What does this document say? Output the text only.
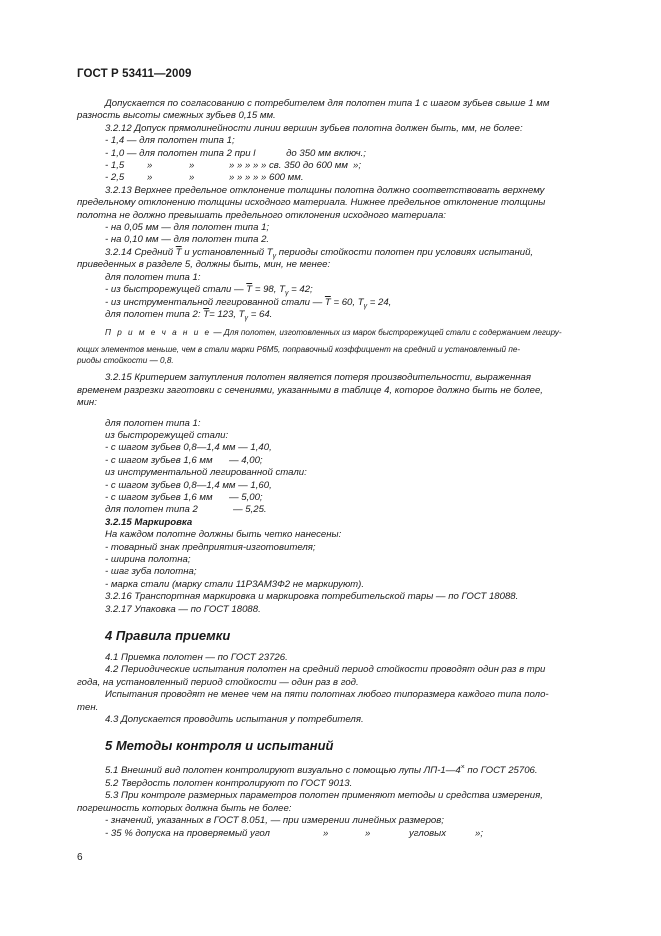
ГОСТ Р 53411—2009

Допускается по согласованию с потребителем для полотен типа 1 с шагом зубьев свыше 1 мм

разность высоты смежных зубьев 0,15 мм.

3.2.12 Допуск прямолинейности линии вершин зубьев полотна должен быть, мм, не более:

- 1,4 — для полотен типа 1;

- 1,0 — для полотен типа 2 при l	до 350 мм включ.;

- 1,5 »	»	» » » » » св. 350 до 600 мм »;

- 2,5 »	»	» » » » » 600 мм.

3.2.13 Верхнее предельное отклонение толщины полотна должно соответствовать верхнему

предельному отклонению толщины исходного материала. Нижнее предельное отклонение толщины

полотна не должно превышать предельного отклонения исходного материала:

- на 0,05 мм — для полотен типа 1;

- на 0,10 мм — для полотен типа 2.

3.2.14 Средний $\overline{T}$ и установленный $T_\gamma$ периоды стойкости полотен при условиях испытаний,

приведенных в разделе 5, должны быть, мин, не менее:

для полотен типа 1:

- из быстрорежущей стали — $\overline{T} = 98$, $T_\gamma = 42$;

- из инструментальной легированной стали — $\overline{T} = 60$, $T_\gamma = 24$,

для полотен типа 2: $\overline{T}= 123$, $T_\gamma = 64$.

П р и м е ч а н и е — Для полотен, изготовленных из марок быстрорежущей стали с содержанием легиру-

ющих элементов меньше, чем в стали марки Р6М5, поправочный коэффициент на средний и установленный пе-

риоды стойкости — 0,8.

3.2.15 Критерием затупления полотен является потеря производительности, выраженная

временем разрезки заготовки с сечениями, указанными в таблице 4, которое должно быть не более,

мин:

для полотен типа 1:

из быстрорежущей стали:

- с шагом зубьев 0,8—1,4 мм — 1,40,

- с шагом зубьев 1,6 мм — 4,00;

из инструментальной легированной стали:

- с шагом зубьев 0,8—1,4 мм — 1,60,

- с шагом зубьев 1,6 мм — 5,00;

для полотен типа 2	— 5,25.

3.2.15 Маркировка

На каждом полотне должны быть четко нанесены:

- товарный знак предприятия-изготовителя;

- ширина полотна;

- шаг зуба полотна;

- марка стали (марку стали 11Р3АМ3Ф2 не маркируют).

3.2.16 Транспортная маркировка и маркировка потребительской тары — по ГОСТ 18088.

3.2.17 Упаковка — по ГОСТ 18088.

4 Правила приемки

4.1 Приемка полотен — по ГОСТ 23726.

4.2 Периодические испытания полотен на средний период стойкости проводят один раз в три

года, на установленный период стойкости — один раз в год.

Испытания проводят не менее чем на пяти полотнах любого типоразмера каждого типа поло-

тен.

4.3 Допускается проводить испытания у потребителя.

5 Методы контроля и испытаний

5.1 Внешний вид полотен контролируют визуально с помощью лупы ЛП-1—4× по ГОСТ 25706.

5.2 Твердость полотен контролируют по ГОСТ 9013.

5.3 При контроле размерных параметров полотен применяют методы и средства измерения,

погрешность которых должна быть не более:

- значений, указанных в ГОСТ 8.051, — при измерении линейных размеров;

- 35 % допуска на проверяемый угол	»	»	угловых	»;

6
